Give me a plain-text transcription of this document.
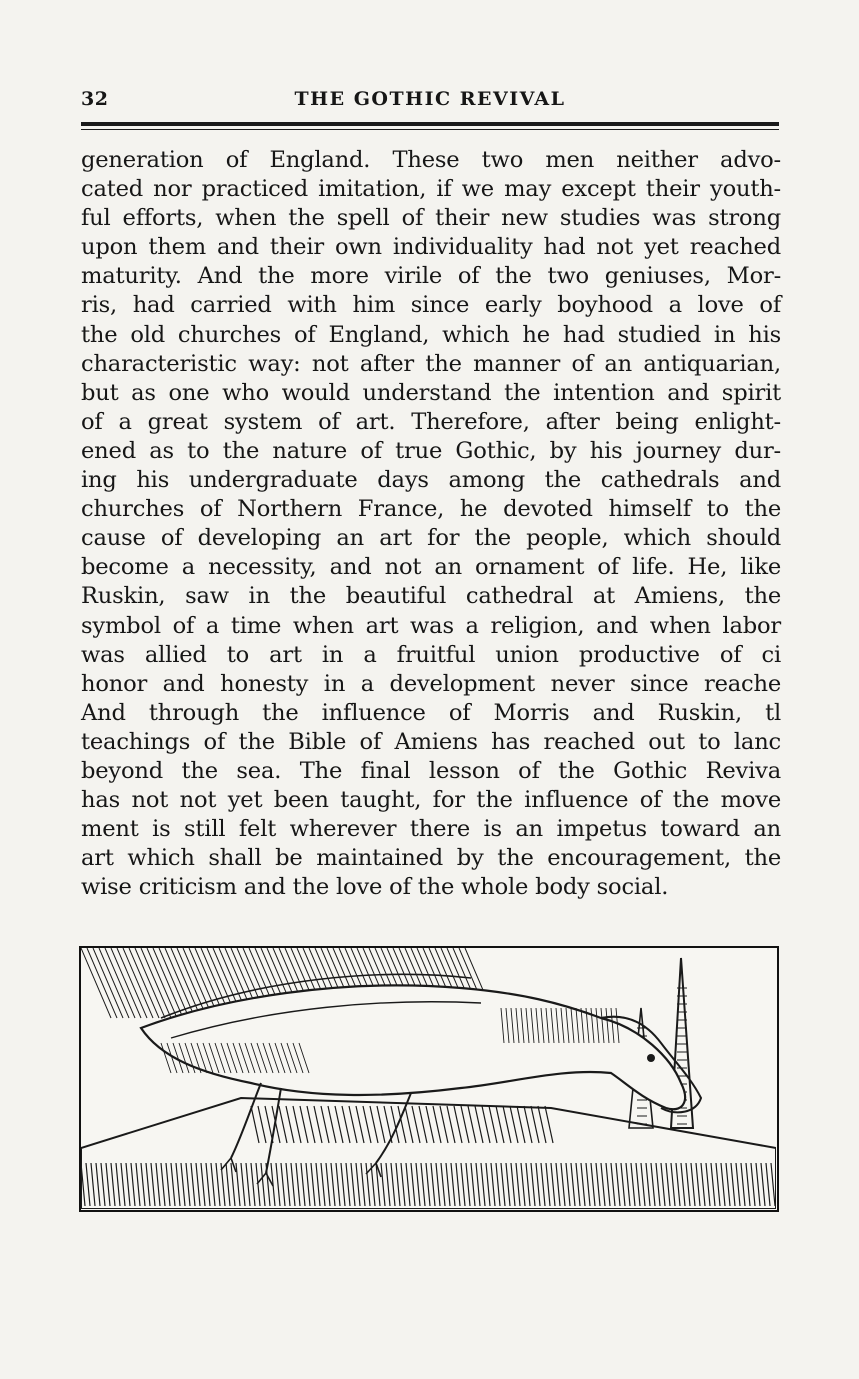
32	THE GOTHIC REVIVAL
generation of England. These two men neither advo-
cated nor practiced imitation, if we may except their youth-
ful efforts, when the spell of their new studies was strong
upon them and their own individuality had not yet reached
maturity. And the more virile of the two geniuses, Mor-
ris, had carried with him since early boyhood a love of
the old churches of England, which he had studied in his
characteristic way: not after the manner of an antiquarian,
but as one who would understand the intention and spirit
of a great system of art. Therefore, after being enlight-
ened as to the nature of true Gothic, by his journey dur-
ing his undergraduate days among the cathedrals and
churches of Northern France, he devoted himself to the
cause of developing an art for the people, which should
become a necessity, and not an ornament of life. He, like
Ruskin, saw in the beautiful cathedral at Amiens, the
symbol of a time when art was a religion, and when labor
was allied to art in a fruitful union productive of ci
honor and honesty in a development never since reache
And through the influence of Morris and Ruskin, tl
teachings of the Bible of Amiens has reached out to lanc
beyond the sea. The final lesson of the Gothic Reviva
has not not yet been taught, for the influence of the move
ment is still felt wherever there is an impetus toward an
art which shall be maintained by the encouragement, the
wise criticism and the love of the whole body social.
